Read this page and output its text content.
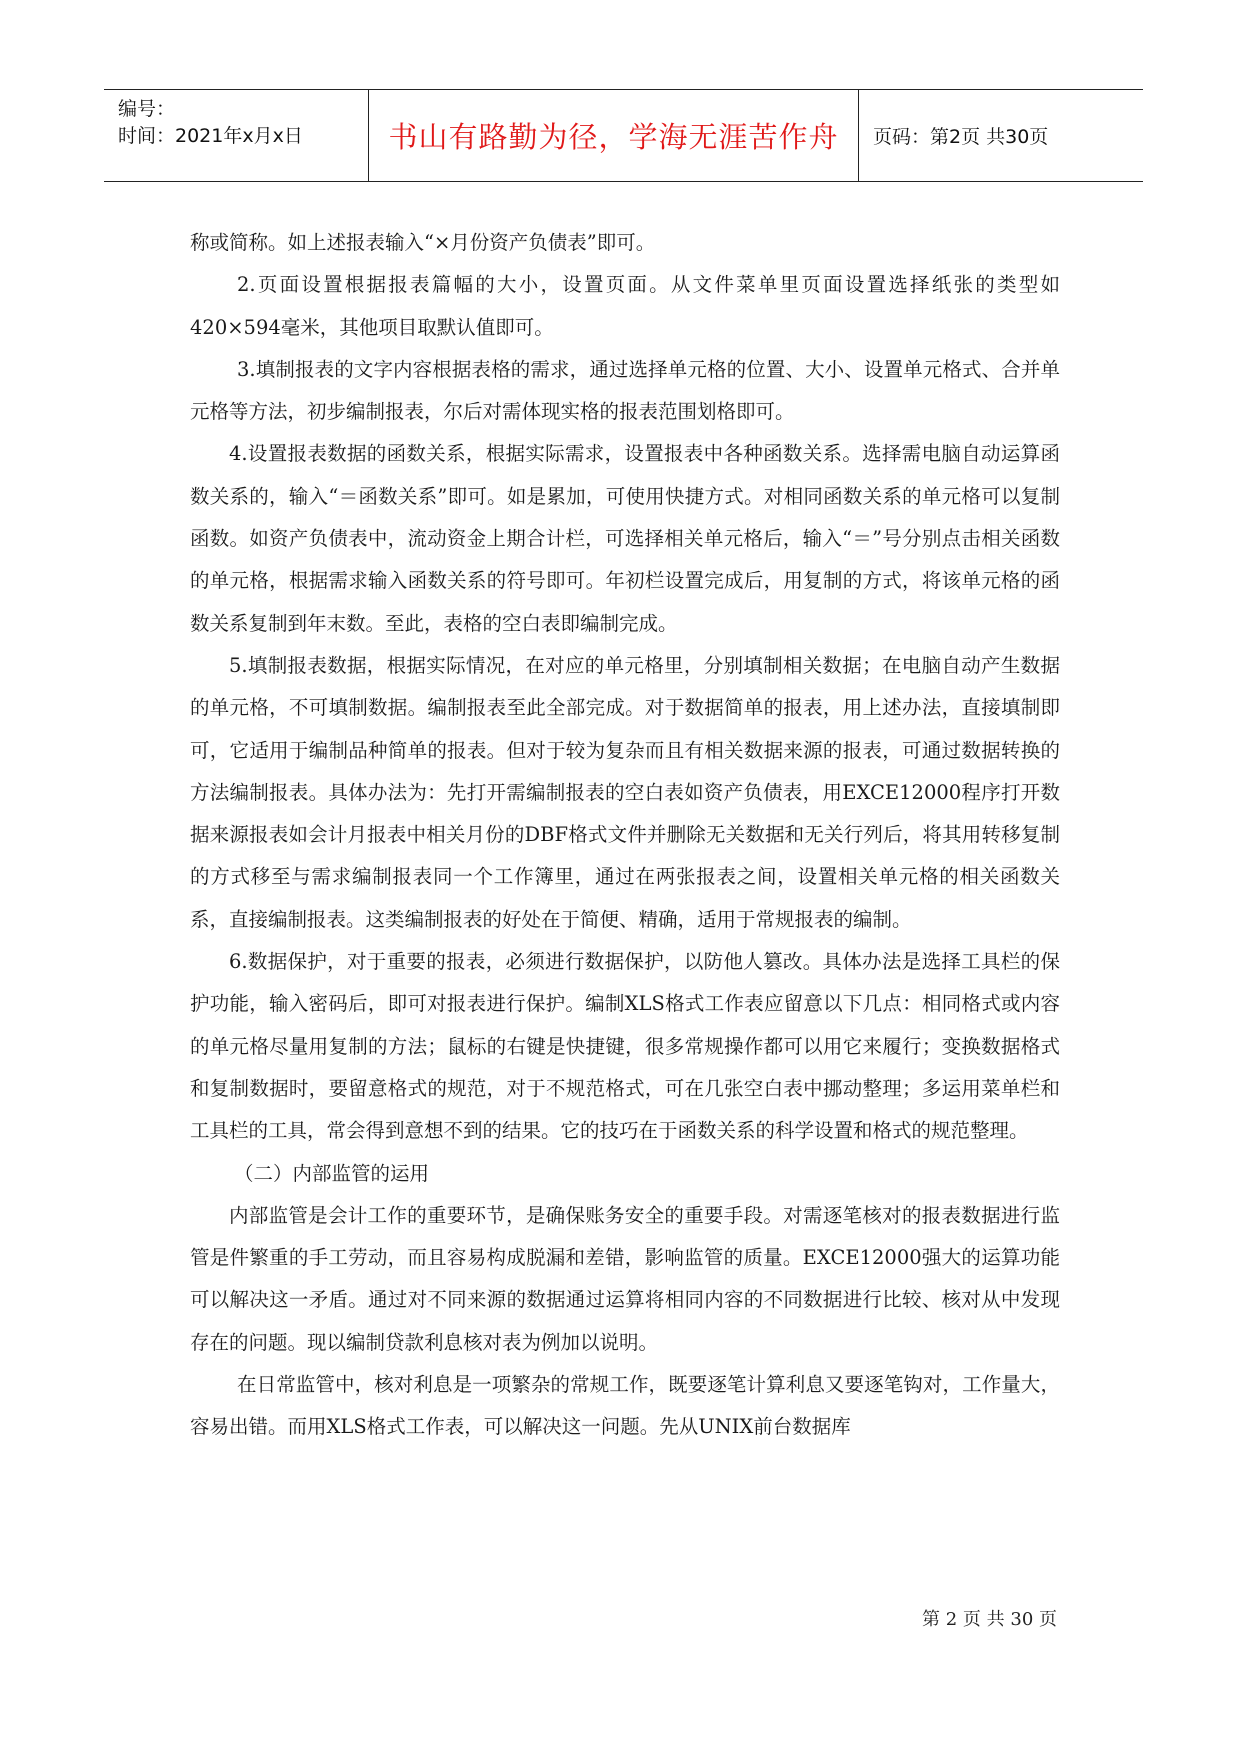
编号：
时间：2021年x月x日	书山有路勤为径，学海无涯苦作舟	页码：第2页 共30页

称或简称。如上述报表输入“×月份资产负债表”即可。

2.页面设置根据报表篇幅的大小，设置页面。从文件菜单里页面设置选择纸张的类型如420×594毫米，其他项目取默认值即可。

3.填制报表的文字内容根据表格的需求，通过选择单元格的位置、大小、设置单元格式、合并单元格等方法，初步编制报表，尔后对需体现实格的报表范围划格即可。

4.设置报表数据的函数关系，根据实际需求，设置报表中各种函数关系。选择需电脑自动运算函数关系的，输入“＝函数关系”即可。如是累加，可使用快捷方式。对相同函数关系的单元格可以复制函数。如资产负债表中，流动资金上期合计栏，可选择相关单元格后，输入“＝”号分别点击相关函数的单元格，根据需求输入函数关系的符号即可。年初栏设置完成后，用复制的方式，将该单元格的函数关系复制到年末数。至此，表格的空白表即编制完成。

5.填制报表数据，根据实际情况，在对应的单元格里，分别填制相关数据；在电脑自动产生数据的单元格，不可填制数据。编制报表至此全部完成。对于数据简单的报表，用上述办法，直接填制即可，它适用于编制品种简单的报表。但对于较为复杂而且有相关数据来源的报表，可通过数据转换的方法编制报表。具体办法为：先打开需编制报表的空白表如资产负债表，用EXCE12000程序打开数据来源报表如会计月报表中相关月份的DBF格式文件并删除无关数据和无关行列后，将其用转移复制的方式移至与需求编制报表同一个工作簿里，通过在两张报表之间，设置相关单元格的相关函数关系，直接编制报表。这类编制报表的好处在于简便、精确，适用于常规报表的编制。

6.数据保护，对于重要的报表，必须进行数据保护，以防他人篡改。具体办法是选择工具栏的保护功能，输入密码后，即可对报表进行保护。编制XLS格式工作表应留意以下几点：相同格式或内容的单元格尽量用复制的方法；鼠标的右键是快捷键，很多常规操作都可以用它来履行；变换数据格式和复制数据时，要留意格式的规范，对于不规范格式，可在几张空白表中挪动整理；多运用菜单栏和工具栏的工具，常会得到意想不到的结果。它的技巧在于函数关系的科学设置和格式的规范整理。

（二）内部监管的运用

内部监管是会计工作的重要环节，是确保账务安全的重要手段。对需逐笔核对的报表数据进行监管是件繁重的手工劳动，而且容易构成脱漏和差错，影响监管的质量。EXCE12000强大的运算功能可以解决这一矛盾。通过对不同来源的数据通过运算将相同内容的不同数据进行比较、核对从中发现存在的问题。现以编制贷款利息核对表为例加以说明。

在日常监管中，核对利息是一项繁杂的常规工作，既要逐笔计算利息又要逐笔钩对，工作量大，容易出错。而用XLS格式工作表，可以解决这一问题。先从UNIX前台数据库

第 2 页 共 30 页
